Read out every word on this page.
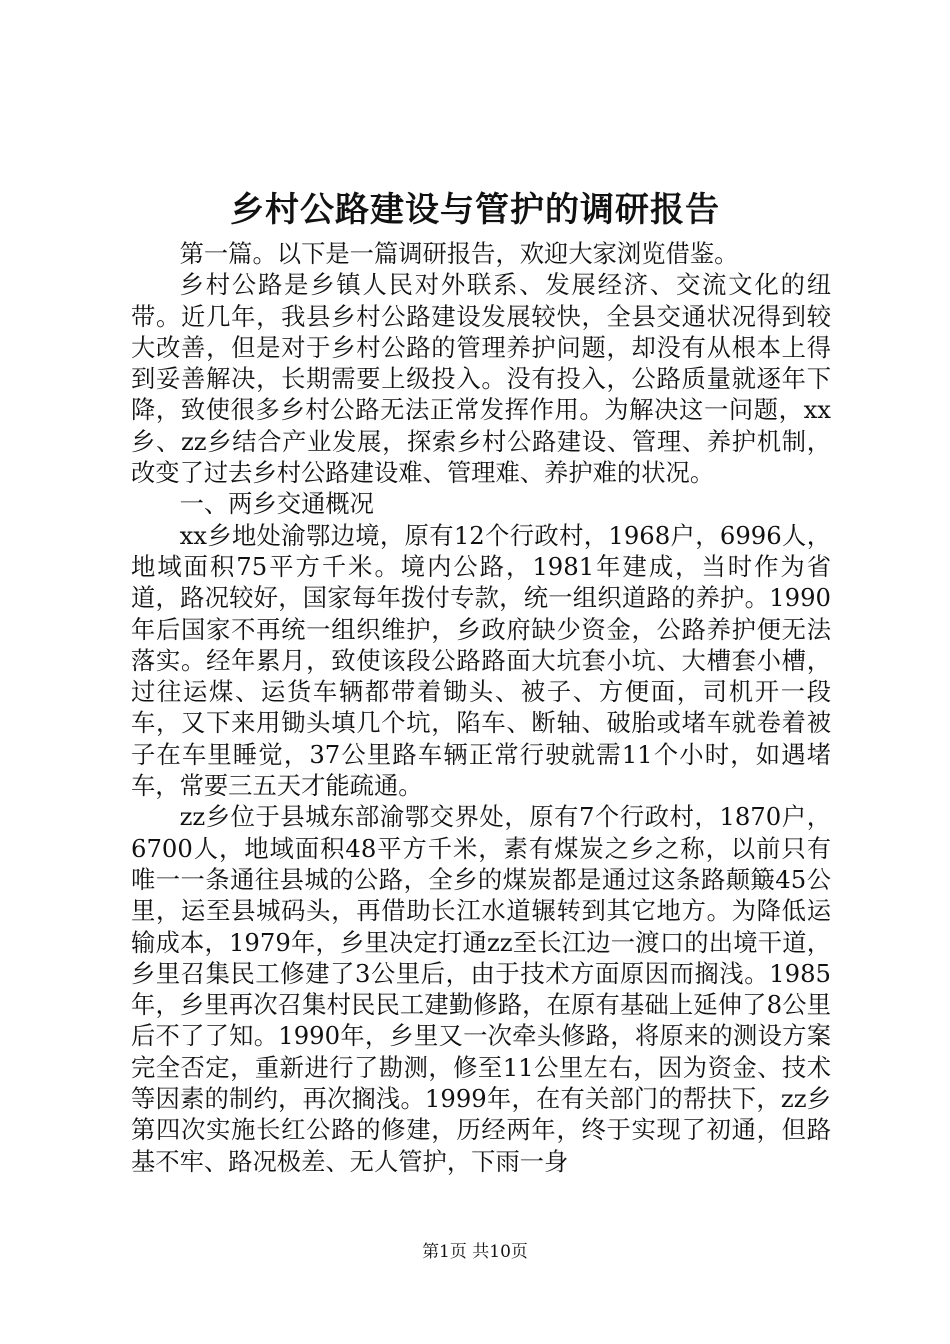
乡村公路建设与管护的调研报告

第一篇。以下是一篇调研报告，欢迎大家浏览借鉴。

乡村公路是乡镇人民对外联系、发展经济、交流文化的纽带。近几年，我县乡村公路建设发展较快，全县交通状况得到较大改善，但是对于乡村公路的管理养护问题，却没有从根本上得到妥善解决，长期需要上级投入。没有投入，公路质量就逐年下降，致使很多乡村公路无法正常发挥作用。为解决这一问题，xx乡、zz乡结合产业发展，探索乡村公路建设、管理、养护机制，改变了过去乡村公路建设难、管理难、养护难的状况。

一、两乡交通概况

xx乡地处渝鄂边境，原有12个行政村，1968户，6996人，地域面积75平方千米。境内公路，1981年建成，当时作为省道，路况较好，国家每年拨付专款，统一组织道路的养护。1990年后国家不再统一组织维护，乡政府缺少资金，公路养护便无法落实。经年累月，致使该段公路路面大坑套小坑、大槽套小槽，过往运煤、运货车辆都带着锄头、被子、方便面，司机开一段车，又下来用锄头填几个坑，陷车、断轴、破胎或堵车就卷着被子在车里睡觉，37公里路车辆正常行驶就需11个小时，如遇堵车，常要三五天才能疏通。

zz乡位于县城东部渝鄂交界处，原有7个行政村，1870户，6700人，地域面积48平方千米，素有煤炭之乡之称，以前只有唯一一条通往县城的公路，全乡的煤炭都是通过这条路颠簸45公里，运至县城码头，再借助长江水道辗转到其它地方。为降低运输成本，1979年，乡里决定打通zz至长江边一渡口的出境干道，乡里召集民工修建了3公里后，由于技术方面原因而搁浅。1985年，乡里再次召集村民民工建勤修路，在原有基础上延伸了8公里后不了了知。1990年，乡里又一次牵头修路，将原来的测设方案完全否定，重新进行了勘测，修至11公里左右，因为资金、技术等因素的制约，再次搁浅。1999年，在有关部门的帮扶下，zz乡第四次实施长红公路的修建，历经两年，终于实现了初通，但路基不牢、路况极差、无人管护，下雨一身

第1页 共10页
